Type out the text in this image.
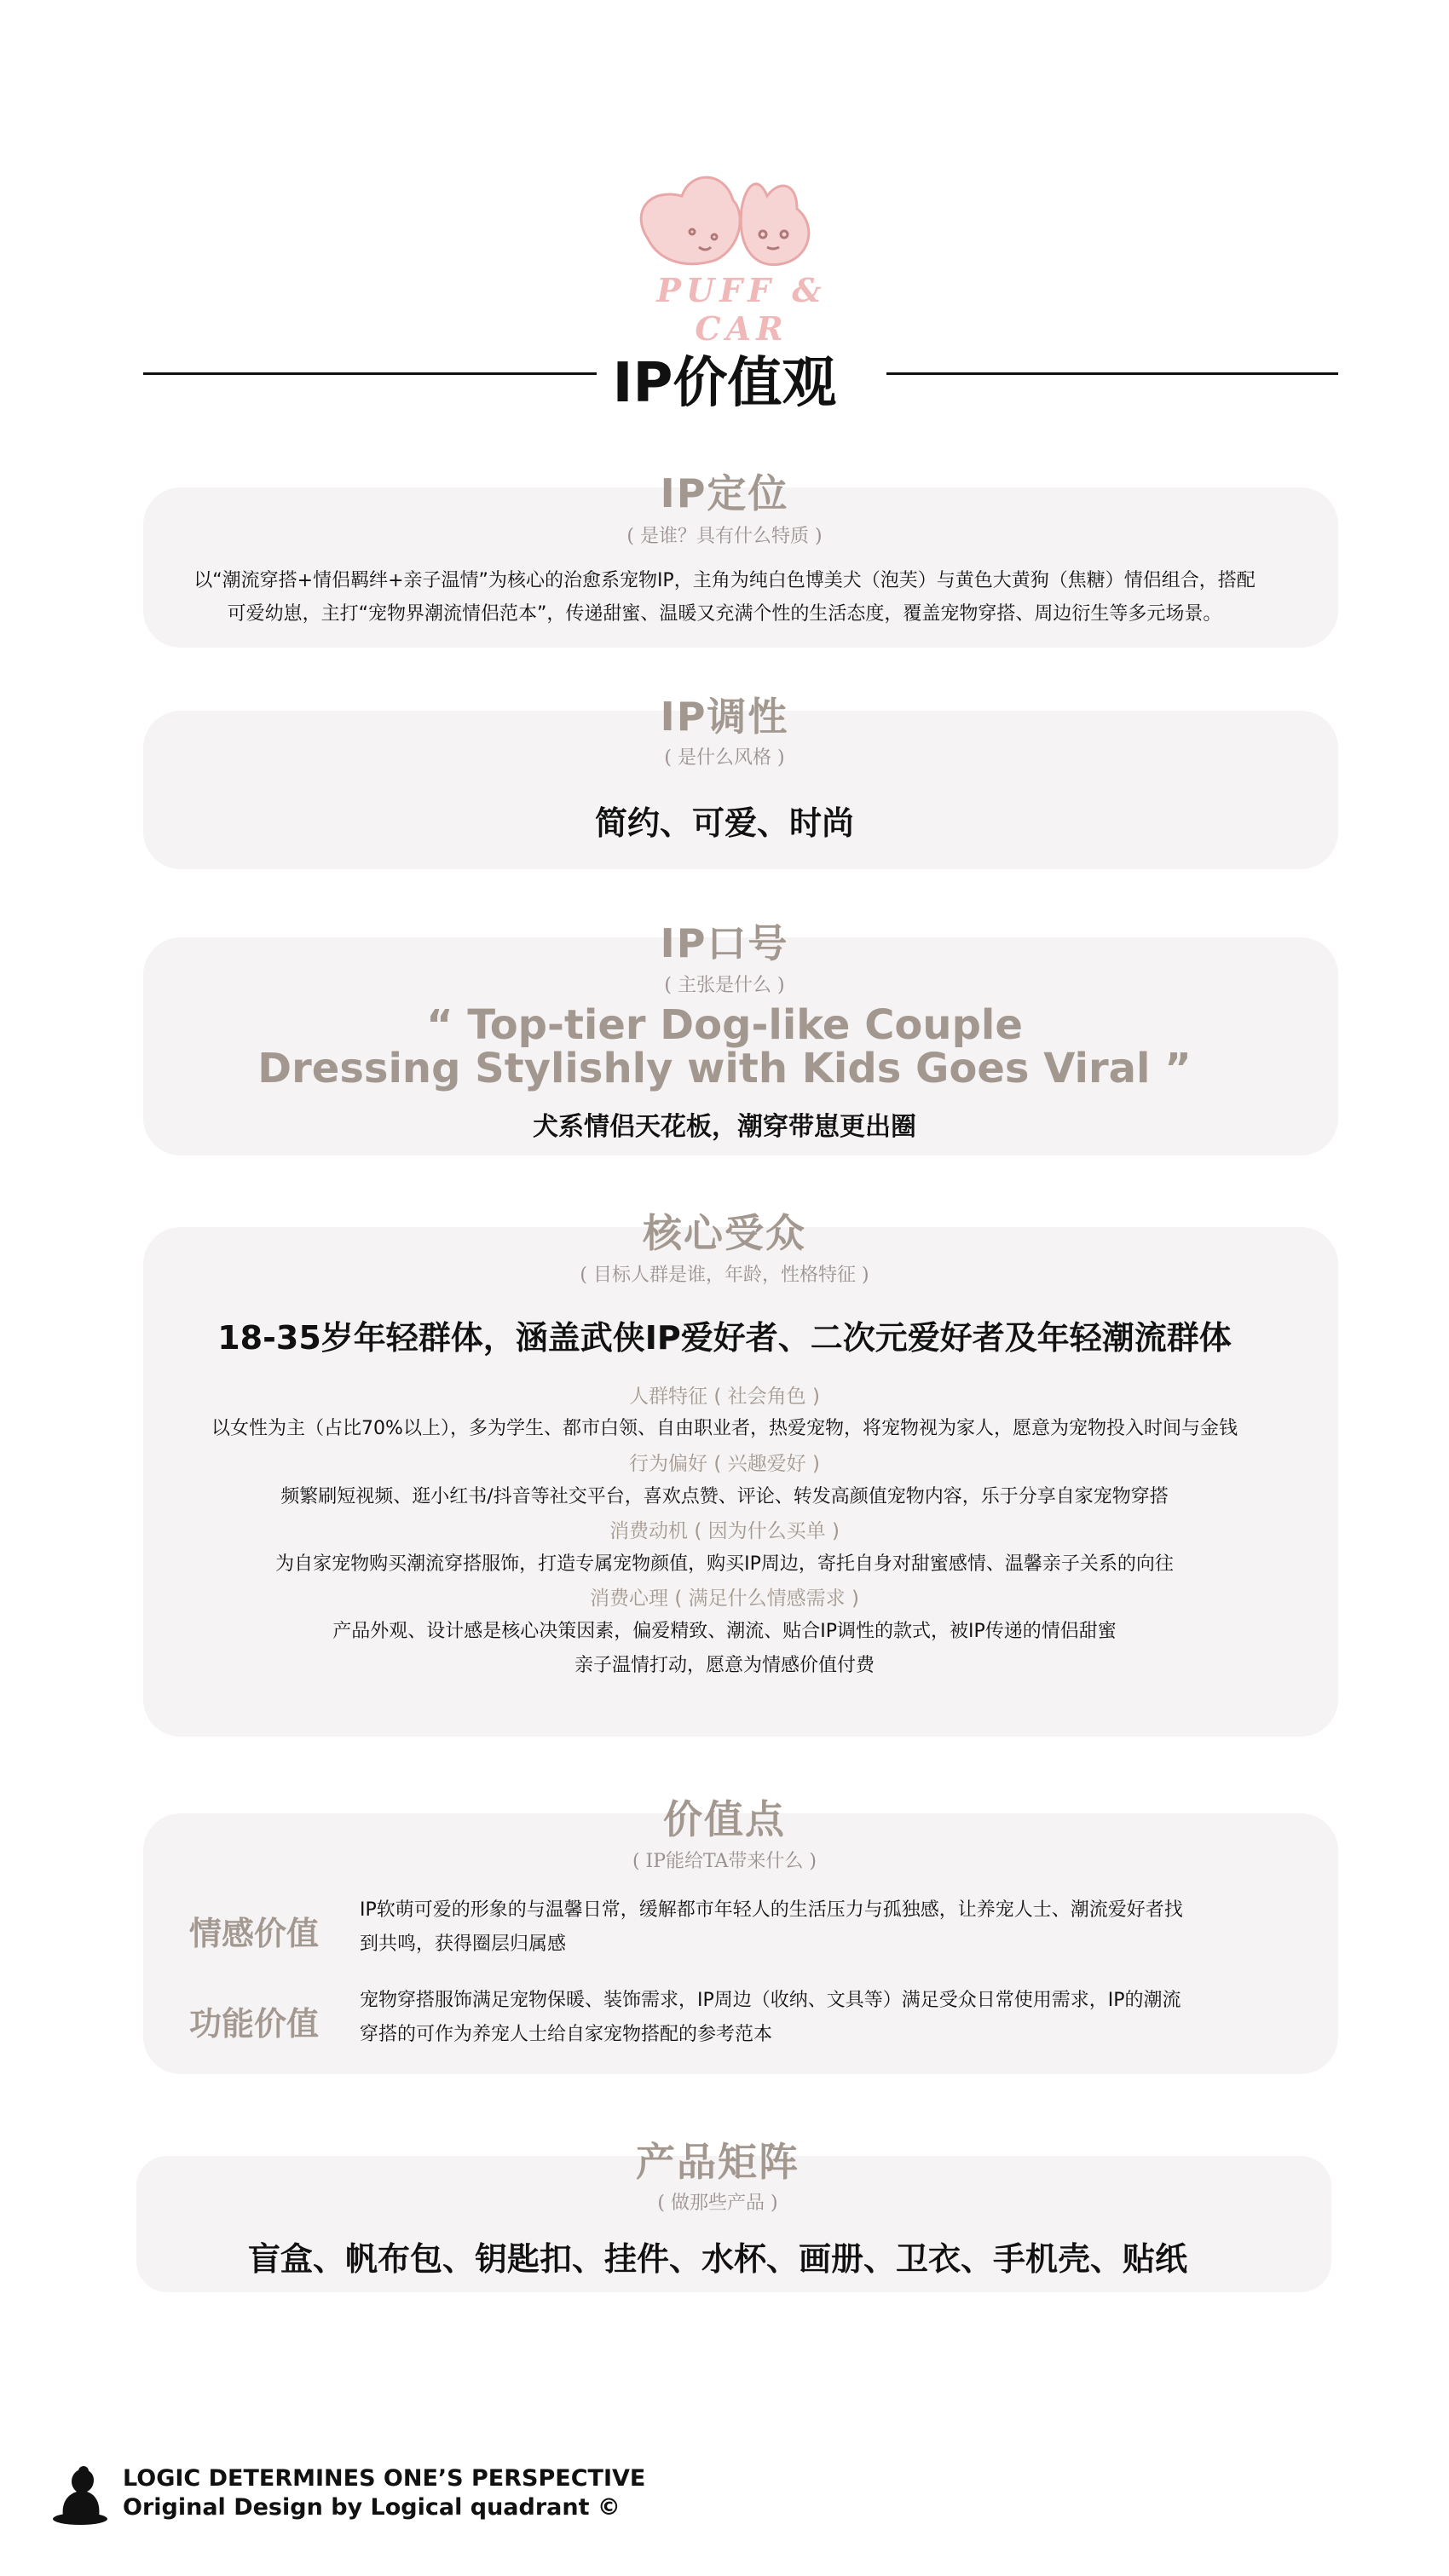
PUFF & CAR
IP价值观
IP定位
( 是谁？具有什么特质 )
以“潮流穿搭+情侣羁绊+亲子温情”为核心的治愈系宠物IP，主角为纯白色博美犬（泡芙）与黄色大黄狗（焦糖）情侣组合，搭配
可爱幼崽，主打“宠物界潮流情侣范本”，传递甜蜜、温暖又充满个性的生活态度，覆盖宠物穿搭、周边衍生等多元场景。
IP调性
( 是什么风格 )
简约、可爱、时尚
IP口号
( 主张是什么 )
“ Top-tier Dog-like Couple
Dressing Stylishly with Kids Goes Viral ”
犬系情侣天花板，潮穿带崽更出圈
核心受众
( 目标人群是谁，年龄，性格特征 )
18-35岁年轻群体，涵盖武侠IP爱好者、二次元爱好者及年轻潮流群体
人群特征 ( 社会角色 )
以女性为主（占比70%以上），多为学生、都市白领、自由职业者，热爱宠物，将宠物视为家人，愿意为宠物投入时间与金钱
行为偏好 ( 兴趣爱好 )
频繁刷短视频、逛小红书/抖音等社交平台，喜欢点赞、评论、转发高颜值宠物内容，乐于分享自家宠物穿搭
消费动机 ( 因为什么买单 )
为自家宠物购买潮流穿搭服饰，打造专属宠物颜值，购买IP周边，寄托自身对甜蜜感情、温馨亲子关系的向往
消费心理 ( 满足什么情感需求 )
产品外观、设计感是核心决策因素，偏爱精致、潮流、贴合IP调性的款式，被IP传递的情侣甜蜜
亲子温情打动，愿意为情感价值付费
价值点
( IP能给TA带来什么 )
情感价值
IP软萌可爱的形象的与温馨日常，缓解都市年轻人的生活压力与孤独感，让养宠人士、潮流爱好者找
到共鸣，获得圈层归属感
功能价值
宠物穿搭服饰满足宠物保暖、装饰需求，IP周边（收纳、文具等）满足受众日常使用需求，IP的潮流
穿搭的可作为养宠人士给自家宠物搭配的参考范本
产品矩阵
( 做那些产品 )
盲盒、帆布包、钥匙扣、挂件、水杯、画册、卫衣、手机壳、贴纸
LOGIC DETERMINES ONE’S PERSPECTIVE
Original Design by Logical quadrant ©
